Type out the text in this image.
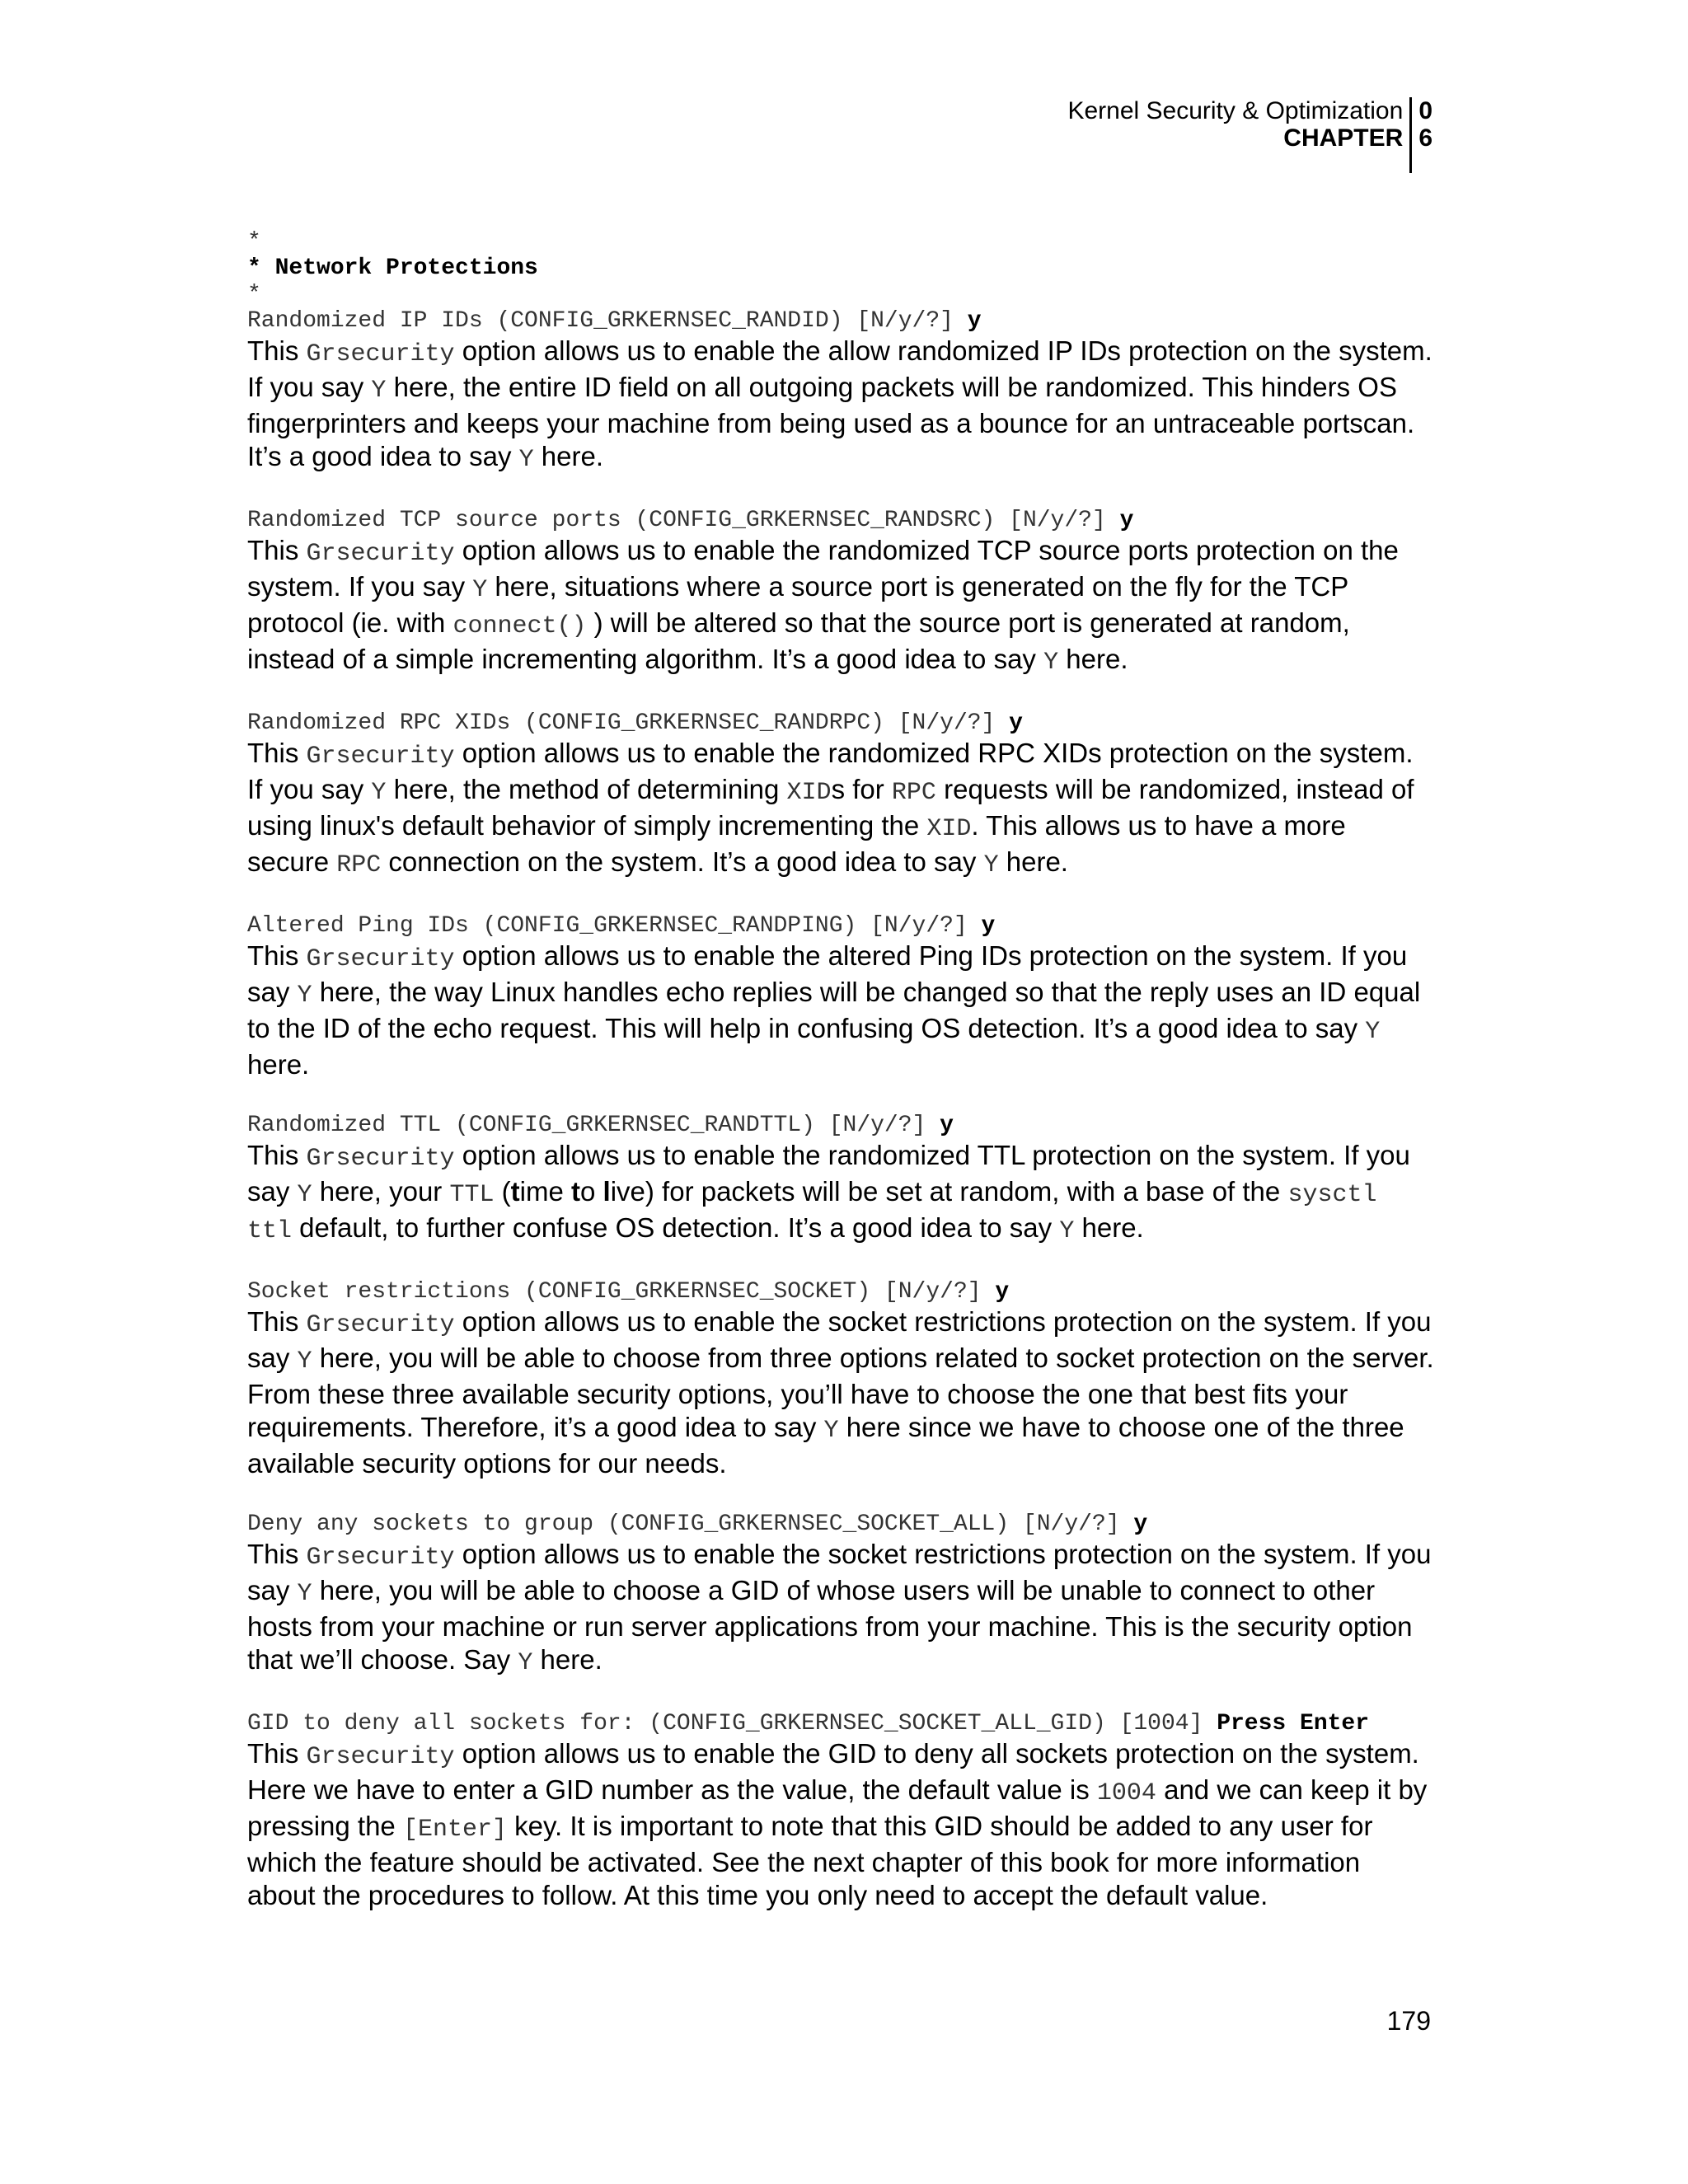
Kernel Security & Optimization
CHAPTER
0
6
*
* Network Protections
*
Randomized IP IDs (CONFIG_GRKERNSEC_RANDID) [N/y/?] y

This Grsecurity option allows us to enable the allow randomized IP IDs protection on the system. If you say Y here, the entire ID field on all outgoing packets will be randomized. This hinders OS fingerprinters and keeps your machine from being used as a bounce for an untraceable portscan. It’s a good idea to say Y here.

Randomized TCP source ports (CONFIG_GRKERNSEC_RANDSRC) [N/y/?] y

This Grsecurity option allows us to enable the randomized TCP source ports protection on the system. If you say Y here, situations where a source port is generated on the fly for the TCP protocol (ie. with connect() ) will be altered so that the source port is generated at random, instead of a simple incrementing algorithm. It’s a good idea to say Y here.

Randomized RPC XIDs (CONFIG_GRKERNSEC_RANDRPC) [N/y/?] y

This Grsecurity option allows us to enable the randomized RPC XIDs protection on the system. If you say Y here, the method of determining XIDs for RPC requests will be randomized, instead of using linux's default behavior of simply incrementing the XID. This allows us to have a more secure RPC connection on the system. It’s a good idea to say Y here.

Altered Ping IDs (CONFIG_GRKERNSEC_RANDPING) [N/y/?] y

This Grsecurity option allows us to enable the altered Ping IDs protection on the system. If you say Y here, the way Linux handles echo replies will be changed so that the reply uses an ID equal to the ID of the echo request. This will help in confusing OS detection. It’s a good idea to say Y here.

Randomized TTL (CONFIG_GRKERNSEC_RANDTTL) [N/y/?] y

This Grsecurity option allows us to enable the randomized TTL protection on the system. If you say Y here, your TTL (time to live) for packets will be set at random, with a base of the sysctl ttl default, to further confuse OS detection. It’s a good idea to say Y here.

Socket restrictions (CONFIG_GRKERNSEC_SOCKET) [N/y/?] y

This Grsecurity option allows us to enable the socket restrictions protection on the system. If you say Y here, you will be able to choose from three options related to socket protection on the server. From these three available security options, you’ll have to choose the one that best fits your requirements. Therefore, it’s a good idea to say Y here since we have to choose one of the three available security options for our needs.

Deny any sockets to group (CONFIG_GRKERNSEC_SOCKET_ALL) [N/y/?] y

This Grsecurity option allows us to enable the socket restrictions protection on the system. If you say Y here, you will be able to choose a GID of whose users will be unable to connect to other hosts from your machine or run server applications from your machine. This is the security option that we’ll choose. Say Y here.

GID to deny all sockets for: (CONFIG_GRKERNSEC_SOCKET_ALL_GID) [1004] Press Enter

This Grsecurity option allows us to enable the GID to deny all sockets protection on the system. Here we have to enter a GID number as the value, the default value is 1004 and we can keep it by pressing the [Enter] key. It is important to note that this GID should be added to any user for which the feature should be activated. See the next chapter of this book for more information about the procedures to follow. At this time you only need to accept the default value.

179
